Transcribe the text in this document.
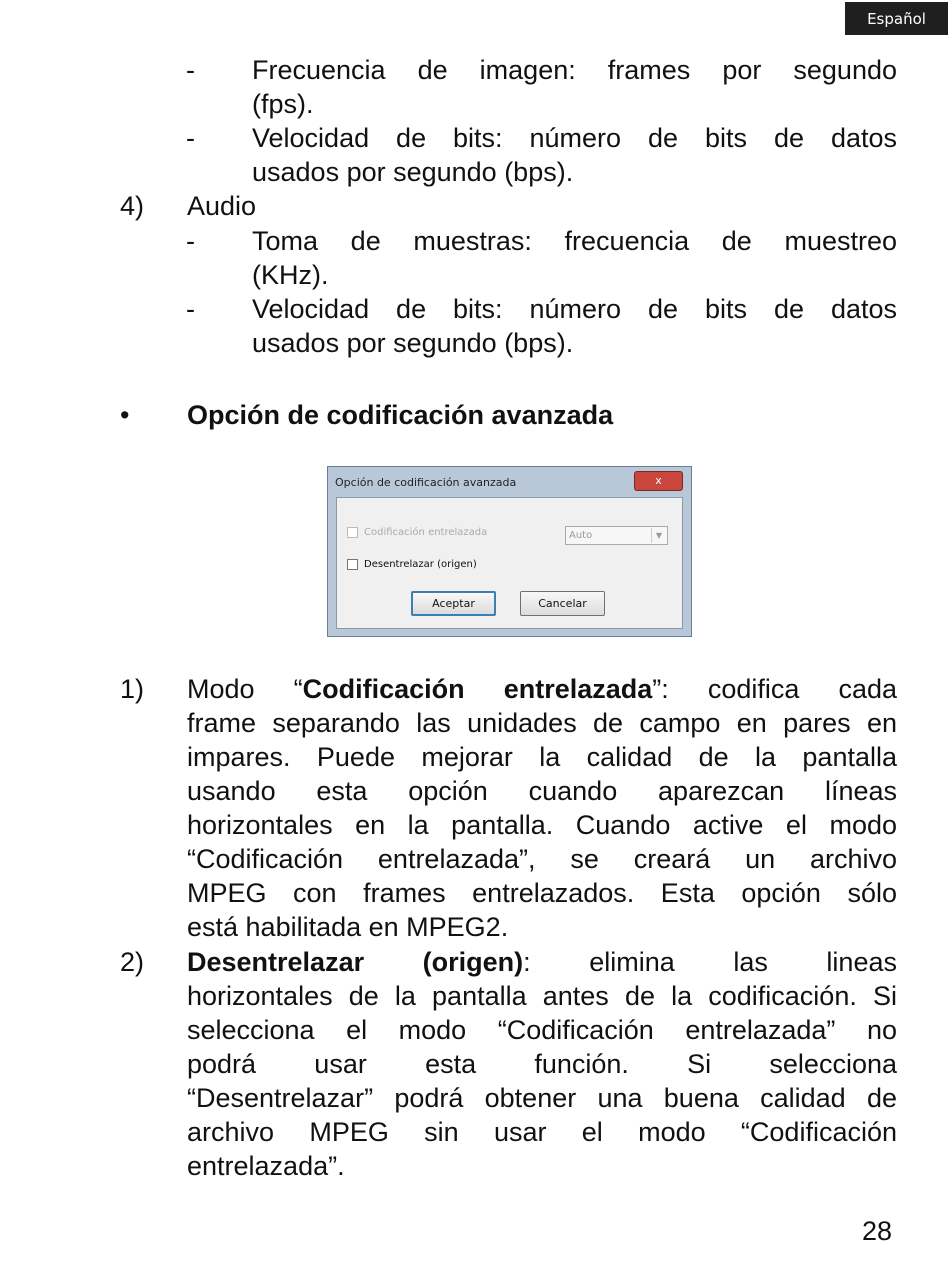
Español
- Frecuencia de imagen: frames por segundo
(fps).
- Velocidad de bits: número de bits de datos
usados por segundo (bps).
4) Audio
- Toma de muestras: frecuencia de muestreo
(KHz).
- Velocidad de bits: número de bits de datos
usados por segundo (bps).
• Opción de codificación avanzada
Opción de codificación avanzada	x
Codificación entrelazada	Auto	▼
Desentrelazar (origen)
Aceptar	Cancelar
1) Modo “Codificación entrelazada”: codifica cada
frame separando las unidades de campo en pares en
impares. Puede mejorar la calidad de la pantalla
usando esta opción cuando aparezcan líneas
horizontales en la pantalla. Cuando active el modo
“Codificación entrelazada”, se creará un archivo
MPEG con frames entrelazados. Esta opción sólo
está habilitada en MPEG2.
2) Desentrelazar (origen): elimina las lineas
horizontales de la pantalla antes de la codificación. Si
selecciona el modo “Codificación entrelazada” no
podrá usar esta función. Si selecciona
“Desentrelazar” podrá obtener una buena calidad de
archivo MPEG sin usar el modo “Codificación
entrelazada”.
28
